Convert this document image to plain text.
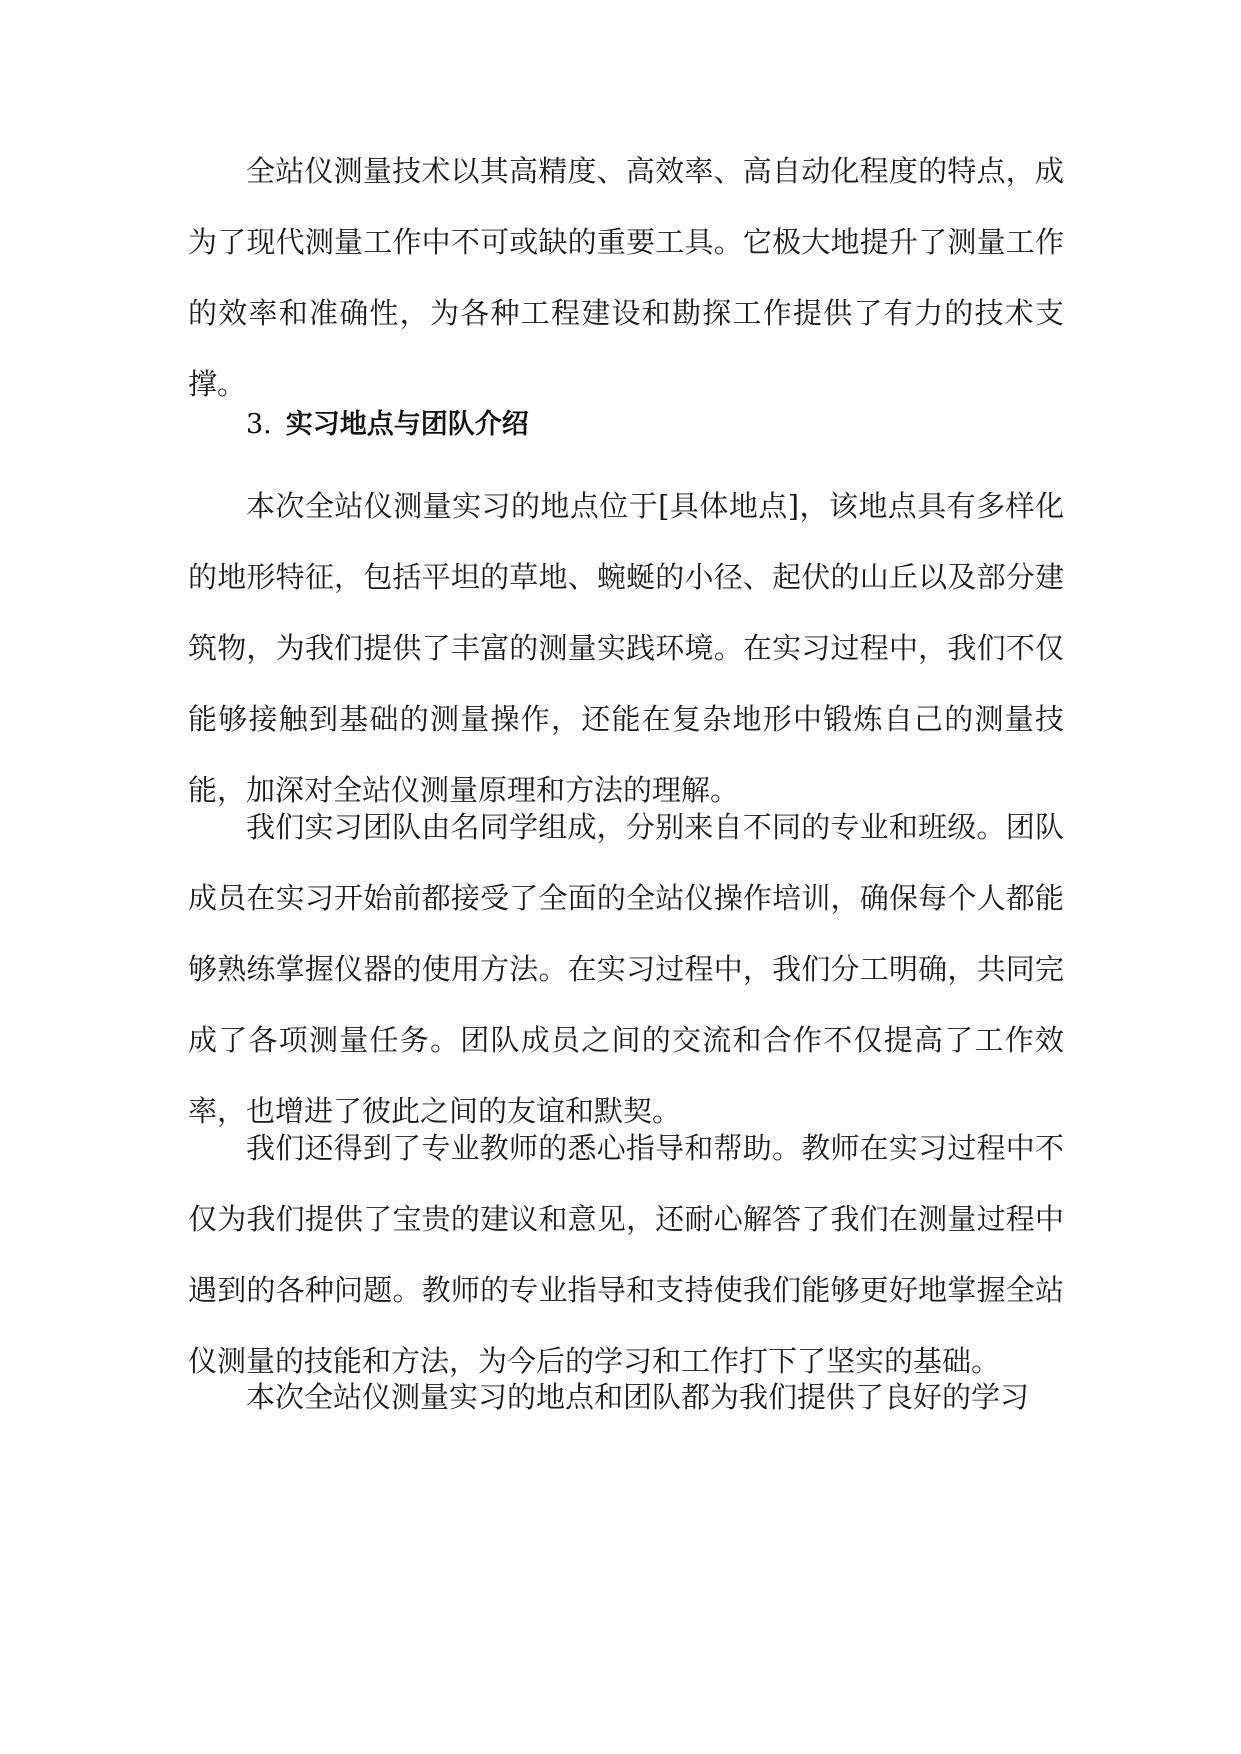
全站仪测量技术以其高精度、高效率、高自动化程度的特点，成为了现代测量工作中不可或缺的重要工具。它极大地提升了测量工作的效率和准确性，为各种工程建设和勘探工作提供了有力的技术支撑。

3. 实习地点与团队介绍

本次全站仪测量实习的地点位于[具体地点]，该地点具有多样化的地形特征，包括平坦的草地、蜿蜒的小径、起伏的山丘以及部分建筑物，为我们提供了丰富的测量实践环境。在实习过程中，我们不仅能够接触到基础的测量操作，还能在复杂地形中锻炼自己的测量技能，加深对全站仪测量原理和方法的理解。

我们实习团队由名同学组成，分别来自不同的专业和班级。团队成员在实习开始前都接受了全面的全站仪操作培训，确保每个人都能够熟练掌握仪器的使用方法。在实习过程中，我们分工明确，共同完成了各项测量任务。团队成员之间的交流和合作不仅提高了工作效率，也增进了彼此之间的友谊和默契。

我们还得到了专业教师的悉心指导和帮助。教师在实习过程中不仅为我们提供了宝贵的建议和意见，还耐心解答了我们在测量过程中遇到的各种问题。教师的专业指导和支持使我们能够更好地掌握全站仪测量的技能和方法，为今后的学习和工作打下了坚实的基础。

本次全站仪测量实习的地点和团队都为我们提供了良好的学习
